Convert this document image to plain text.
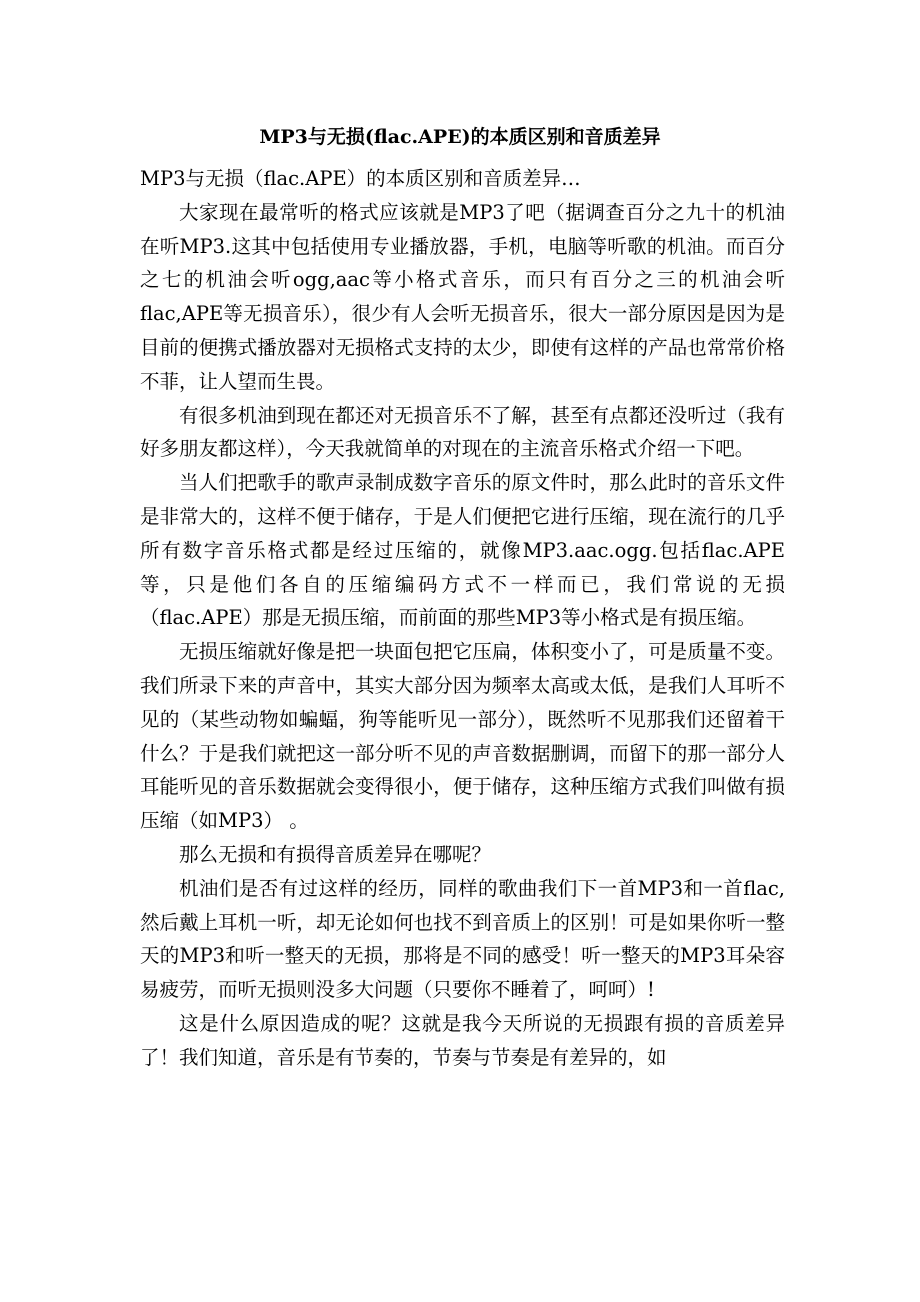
MP3与无损(flac.APE)的本质区别和音质差异

MP3与无损（flac.APE）的本质区别和音质差异…

大家现在最常听的格式应该就是MP3了吧（据调查百分之九十的机油在听MP3.这其中包括使用专业播放器，手机，电脑等听歌的机油。而百分之七的机油会听ogg,aac等小格式音乐，而只有百分之三的机油会听flac,APE等无损音乐），很少有人会听无损音乐，很大一部分原因是因为是目前的便携式播放器对无损格式支持的太少，即使有这样的产品也常常价格不菲，让人望而生畏。

有很多机油到现在都还对无损音乐不了解，甚至有点都还没听过（我有好多朋友都这样），今天我就简单的对现在的主流音乐格式介绍一下吧。

当人们把歌手的歌声录制成数字音乐的原文件时，那么此时的音乐文件是非常大的，这样不便于储存，于是人们便把它进行压缩，现在流行的几乎所有数字音乐格式都是经过压缩的，就像MP3.aac.ogg.包括flac.APE等，只是他们各自的压缩编码方式不一样而已，我们常说的无损（flac.APE）那是无损压缩，而前面的那些MP3等小格式是有损压缩。

无损压缩就好像是把一块面包把它压扁，体积变小了，可是质量不变。我们所录下来的声音中，其实大部分因为频率太高或太低，是我们人耳听不见的（某些动物如蝙蝠，狗等能听见一部分），既然听不见那我们还留着干什么？于是我们就把这一部分听不见的声音数据删调，而留下的那一部分人耳能听见的音乐数据就会变得很小，便于储存，这种压缩方式我们叫做有损压缩（如MP3） 。

那么无损和有损得音质差异在哪呢？

机油们是否有过这样的经历，同样的歌曲我们下一首MP3和一首flac,然后戴上耳机一听，却无论如何也找不到音质上的区别！可是如果你听一整天的MP3和听一整天的无损，那将是不同的感受！听一整天的MP3耳朵容易疲劳，而听无损则没多大问题（只要你不睡着了，呵呵）!

这是什么原因造成的呢？这就是我今天所说的无损跟有损的音质差异了！我们知道，音乐是有节奏的，节奏与节奏是有差异的，如
